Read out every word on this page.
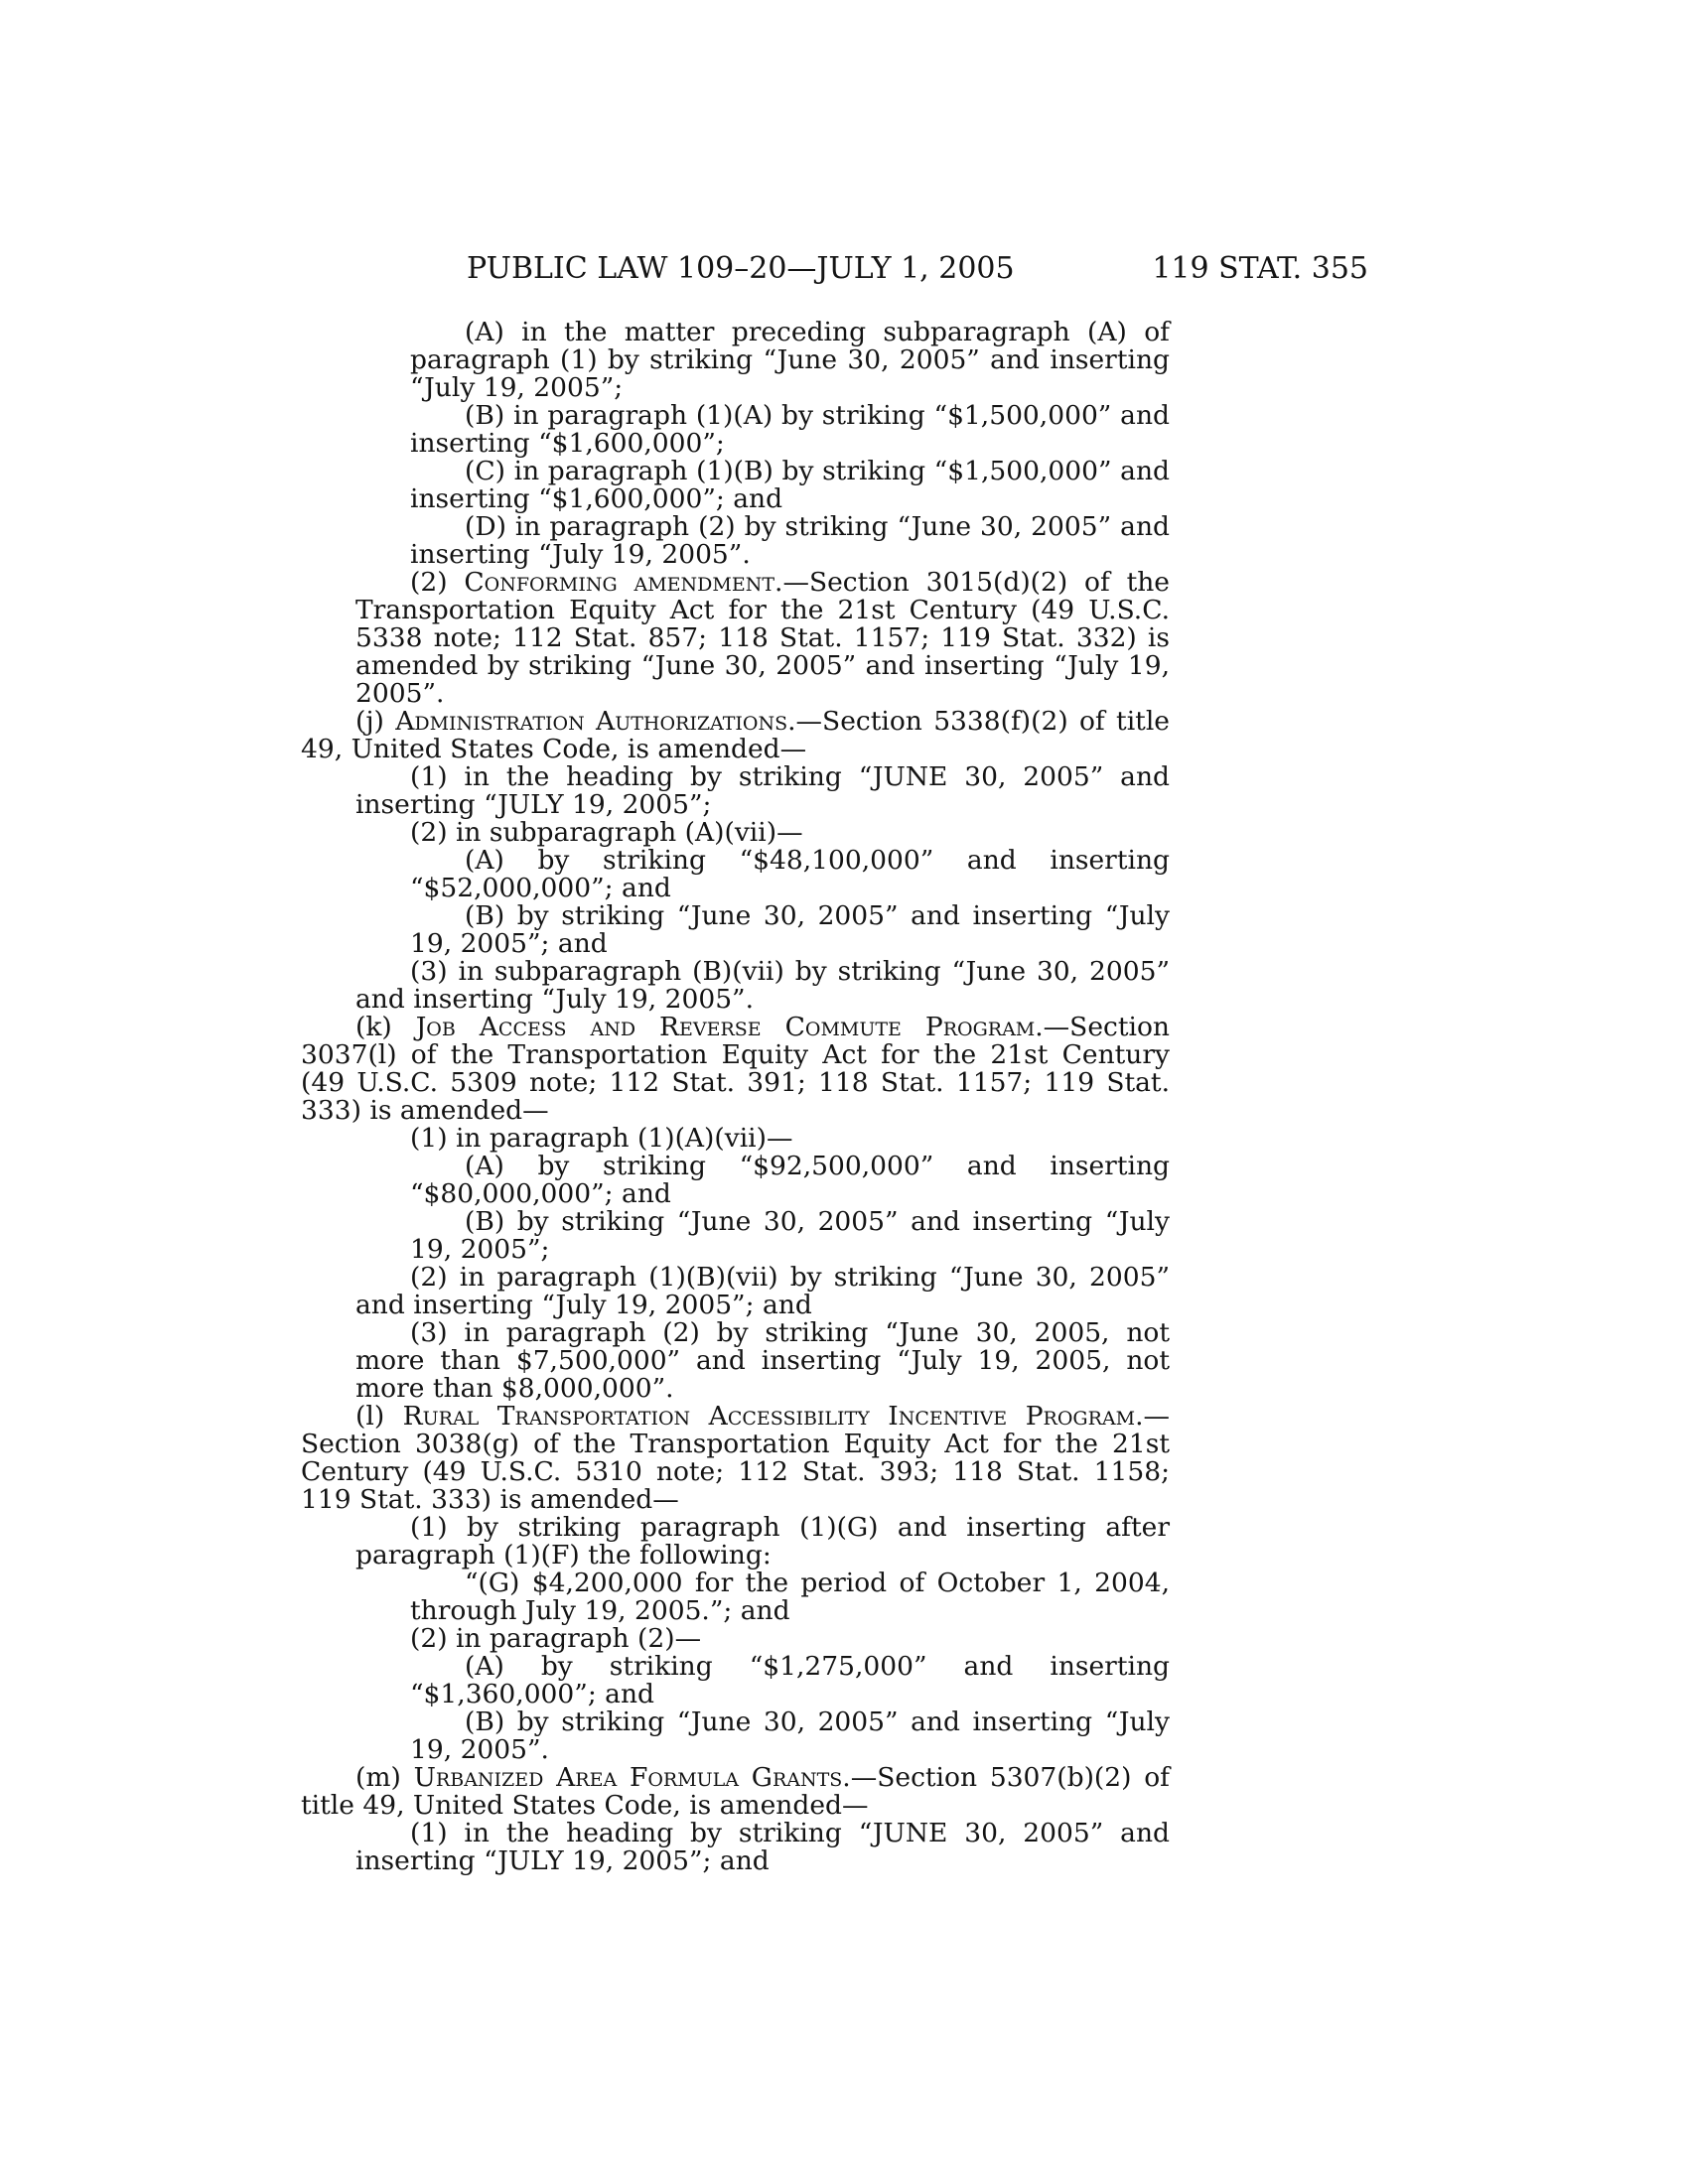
PUBLIC LAW 109–20—JULY 1, 2005	119 STAT. 355

(A) in the matter preceding subparagraph (A) of paragraph (1) by striking “June 30, 2005” and inserting “July 19, 2005”;

(B) in paragraph (1)(A) by striking “$1,500,000” and inserting “$1,600,000”;

(C) in paragraph (1)(B) by striking “$1,500,000” and inserting “$1,600,000”; and

(D) in paragraph (2) by striking “June 30, 2005” and inserting “July 19, 2005”.

(2) Conforming amendment.—Section 3015(d)(2) of the Transportation Equity Act for the 21st Century (49 U.S.C. 5338 note; 112 Stat. 857; 118 Stat. 1157; 119 Stat. 332) is amended by striking “June 30, 2005” and inserting “July 19, 2005”.

(j) Administration Authorizations.—Section 5338(f)(2) of title 49, United States Code, is amended—

(1) in the heading by striking “JUNE 30, 2005” and inserting “JULY 19, 2005”;

(2) in subparagraph (A)(vii)—

(A) by striking “$48,100,000” and inserting “$52,000,000”; and

(B) by striking “June 30, 2005” and inserting “July 19, 2005”; and

(3) in subparagraph (B)(vii) by striking “June 30, 2005” and inserting “July 19, 2005”.

(k) Job Access and Reverse Commute Program.—Section 3037(l) of the Transportation Equity Act for the 21st Century (49 U.S.C. 5309 note; 112 Stat. 391; 118 Stat. 1157; 119 Stat. 333) is amended—

(1) in paragraph (1)(A)(vii)—

(A) by striking “$92,500,000” and inserting “$80,000,000”; and

(B) by striking “June 30, 2005” and inserting “July 19, 2005”;

(2) in paragraph (1)(B)(vii) by striking “June 30, 2005” and inserting “July 19, 2005”; and

(3) in paragraph (2) by striking “June 30, 2005, not more than $7,500,000” and inserting “July 19, 2005, not more than $8,000,000”.

(l) Rural Transportation Accessibility Incentive Program.—Section 3038(g) of the Transportation Equity Act for the 21st Century (49 U.S.C. 5310 note; 112 Stat. 393; 118 Stat. 1158; 119 Stat. 333) is amended—

(1) by striking paragraph (1)(G) and inserting after paragraph (1)(F) the following:

“(G) $4,200,000 for the period of October 1, 2004, through July 19, 2005.”; and

(2) in paragraph (2)—

(A) by striking “$1,275,000” and inserting “$1,360,000”; and

(B) by striking “June 30, 2005” and inserting “July 19, 2005”.

(m) Urbanized Area Formula Grants.—Section 5307(b)(2) of title 49, United States Code, is amended—

(1) in the heading by striking “JUNE 30, 2005” and inserting “JULY 19, 2005”; and
